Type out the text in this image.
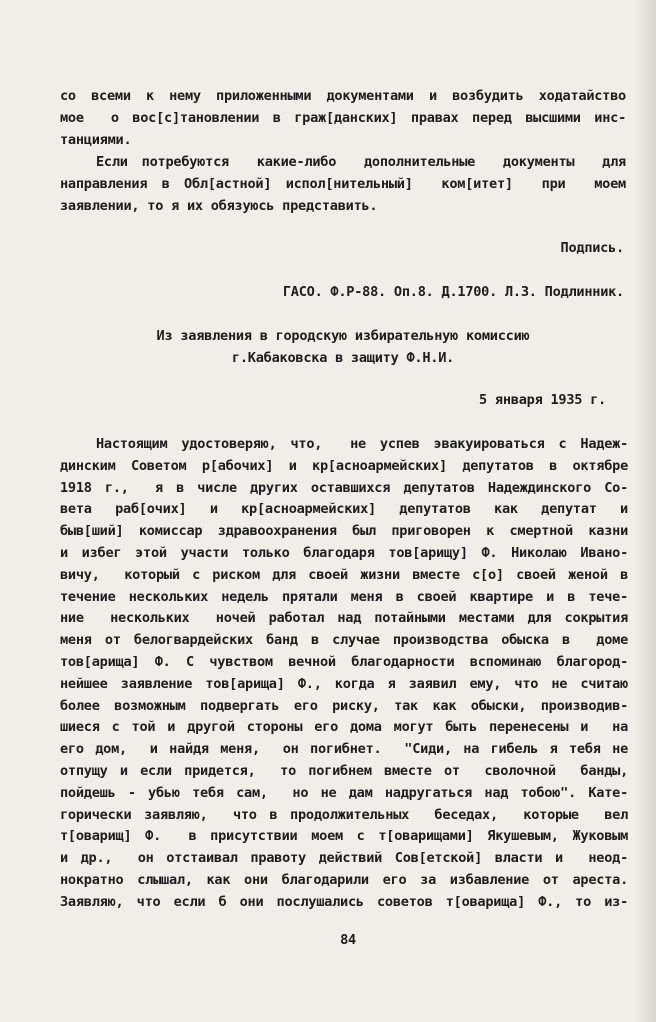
со всеми к нему приложенными документами и возбудить ходатайство

мое  о вос[с]тановлении в граж[данских] правах перед высшими инс-

танциями.

Если потребуются  какие-либо  дополнительные  документы  для

направления в Обл[астной] испол[нительный]  ком[итет]  при  моем

заявлении, то я их обязуюсь представить.

Подпись.
ГАСО. Ф.Р-88. Оп.8. Д.1700. Л.3. Подлинник.

Из заявления в городскую избирательную комиссию

г.Кабаковска в защиту Ф.Н.И.

5 января 1935 г.

Настоящим удостоверяю, что,  не успев эвакуироваться с Надеж-

динским Советом р[абочих] и кр[асноармейских] депутатов в октябре

1918 г.,  я в числе других оставшихся депутатов Надеждинского Со-

вета раб[очих] и кр[асноармейских] депутатов как депутат и

быв[ший] комиссар здравоохранения был приговорен к смертной казни

и избег этой участи только благодаря тов[арищу] Ф. Николаю Ивано-

вичу,  который с риском для своей жизни вместе с[о] своей женой в

течение нескольких недель прятали меня в своей квартире и в тече-

ние  нескольких  ночей работал над потайными местами для сокрытия

меня от белогвардейских банд в случае производства обыска в  доме

тов[арища] Ф. С чувством вечной благодарности вспоминаю благород-

нейшее заявление тов[арища] Ф., когда я заявил ему, что не считаю

более возможным подвергать его риску, так как обыски, производив-

шиеся с той и другой стороны его дома могут быть перенесены и  на

его дом,  и найдя меня,  он погибнет.  "Сиди, на гибель я тебя не

отпущу и если придется,  то погибнем вместе от  сволочной  банды,

пойдешь - убью тебя сам,  но не дам надругаться над тобою". Кате-

горически заявляю,  что в продолжительных  беседах,  которые  вел

т[оварищ] Ф.  в присутствии моем с т[оварищами] Якушевым, Жуковым

и др.,  он отстаивал правоту действий Сов[етской] власти и  неод-

нократно слышал, как они благодарили его за избавление от ареста.

Заявляю, что если б они послушались советов т[оварища] Ф., то из-

84
